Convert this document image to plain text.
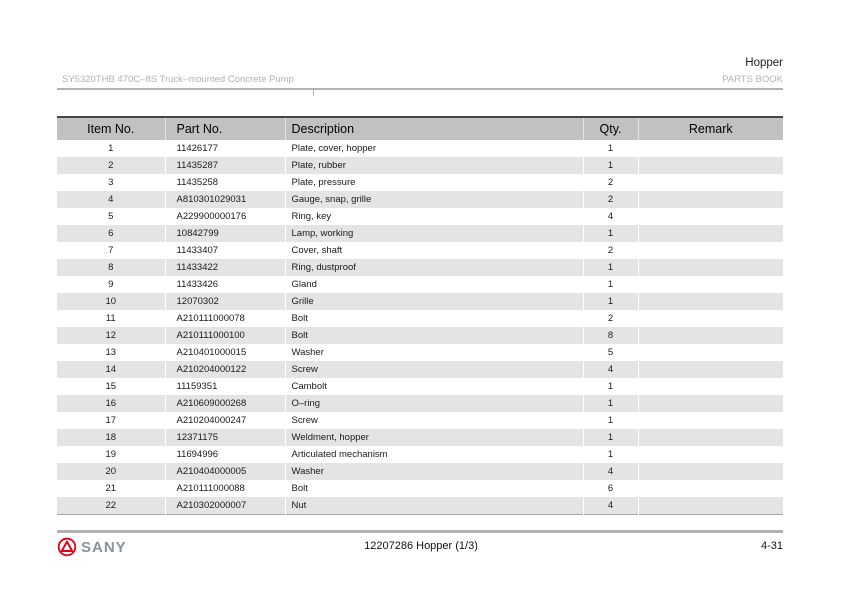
Hopper
SY5320THB 470C–8S Truck–mounted Concrete Pump	PARTS BOOK
Item No.	Part No.	Description	Qty.	Remark
1	11426177	Plate, cover, hopper	1	
2	11435287	Plate, rubber	1	
3	11435258	Plate, pressure	2	
4	A810301029031	Gauge, snap, grille	2	
5	A229900000176	Ring, key	4	
6	10842799	Lamp, working	1	
7	11433407	Cover, shaft	2	
8	11433422	Ring, dustproof	1	
9	11433426	Gland	1	
10	12070302	Grille	1	
11	A210111000078	Bolt	2	
12	A210111000100	Bolt	8	
13	A210401000015	Washer	5	
14	A210204000122	Screw	4	
15	11159351	Cambolt	1	
16	A210609000268	O–ring	1	
17	A210204000247	Screw	1	
18	12371175	Weldment, hopper	1	
19	11694996	Articulated mechanism	1	
20	A210404000005	Washer	4	
21	A210111000088	Bolt	6	
22	A210302000007	Nut	4	
SANY	12207286 Hopper (1/3)	4-31
